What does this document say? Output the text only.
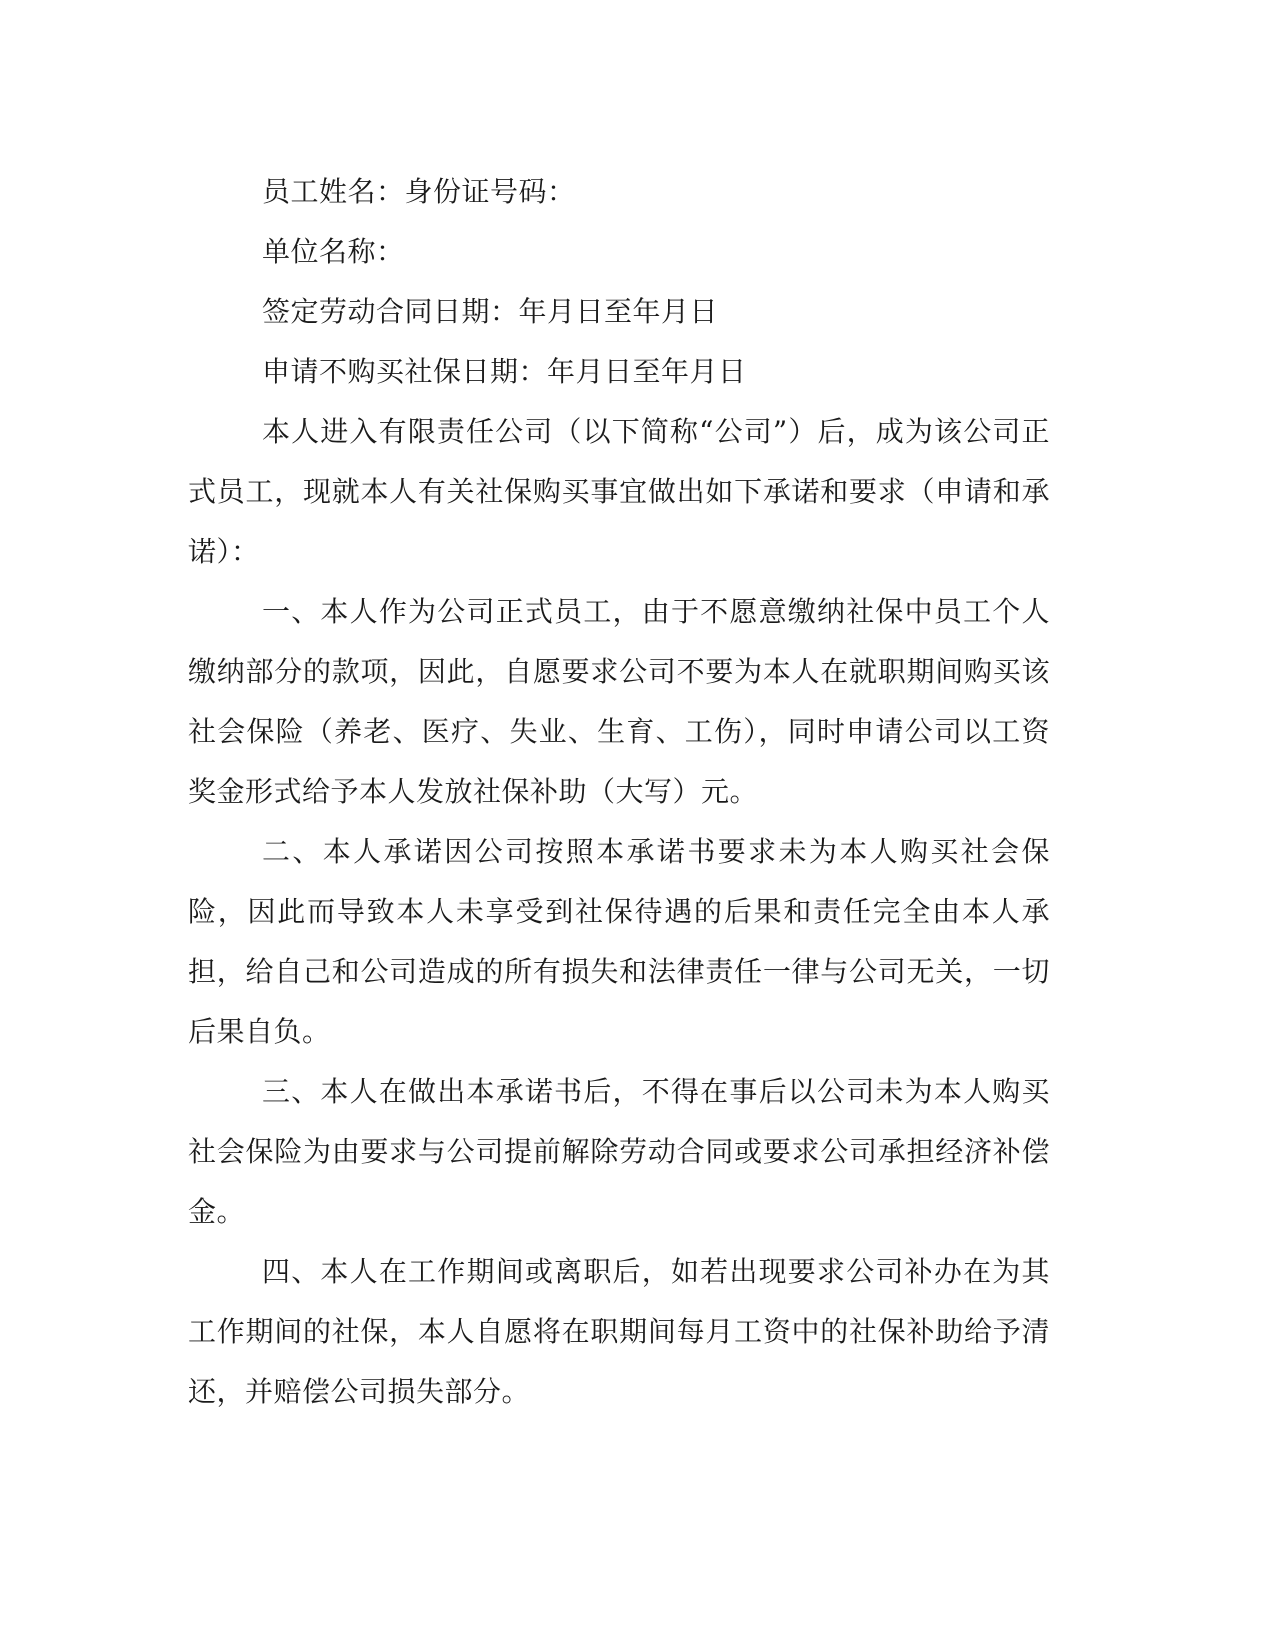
员工姓名：身份证号码：

单位名称：

签定劳动合同日期：年月日至年月日

申请不购买社保日期：年月日至年月日

本人进入有限责任公司（以下简称“公司”）后，成为该公司正式员工，现就本人有关社保购买事宜做出如下承诺和要求（申请和承诺）：

一、本人作为公司正式员工，由于不愿意缴纳社保中员工个人缴纳部分的款项，因此，自愿要求公司不要为本人在就职期间购买该社会保险（养老、医疗、失业、生育、工伤），同时申请公司以工资奖金形式给予本人发放社保补助（大写）元。

二、本人承诺因公司按照本承诺书要求未为本人购买社会保险，因此而导致本人未享受到社保待遇的后果和责任完全由本人承担，给自己和公司造成的所有损失和法律责任一律与公司无关，一切后果自负。

三、本人在做出本承诺书后，不得在事后以公司未为本人购买社会保险为由要求与公司提前解除劳动合同或要求公司承担经济补偿金。

四、本人在工作期间或离职后，如若出现要求公司补办在为其工作期间的社保，本人自愿将在职期间每月工资中的社保补助给予清还，并赔偿公司损失部分。
